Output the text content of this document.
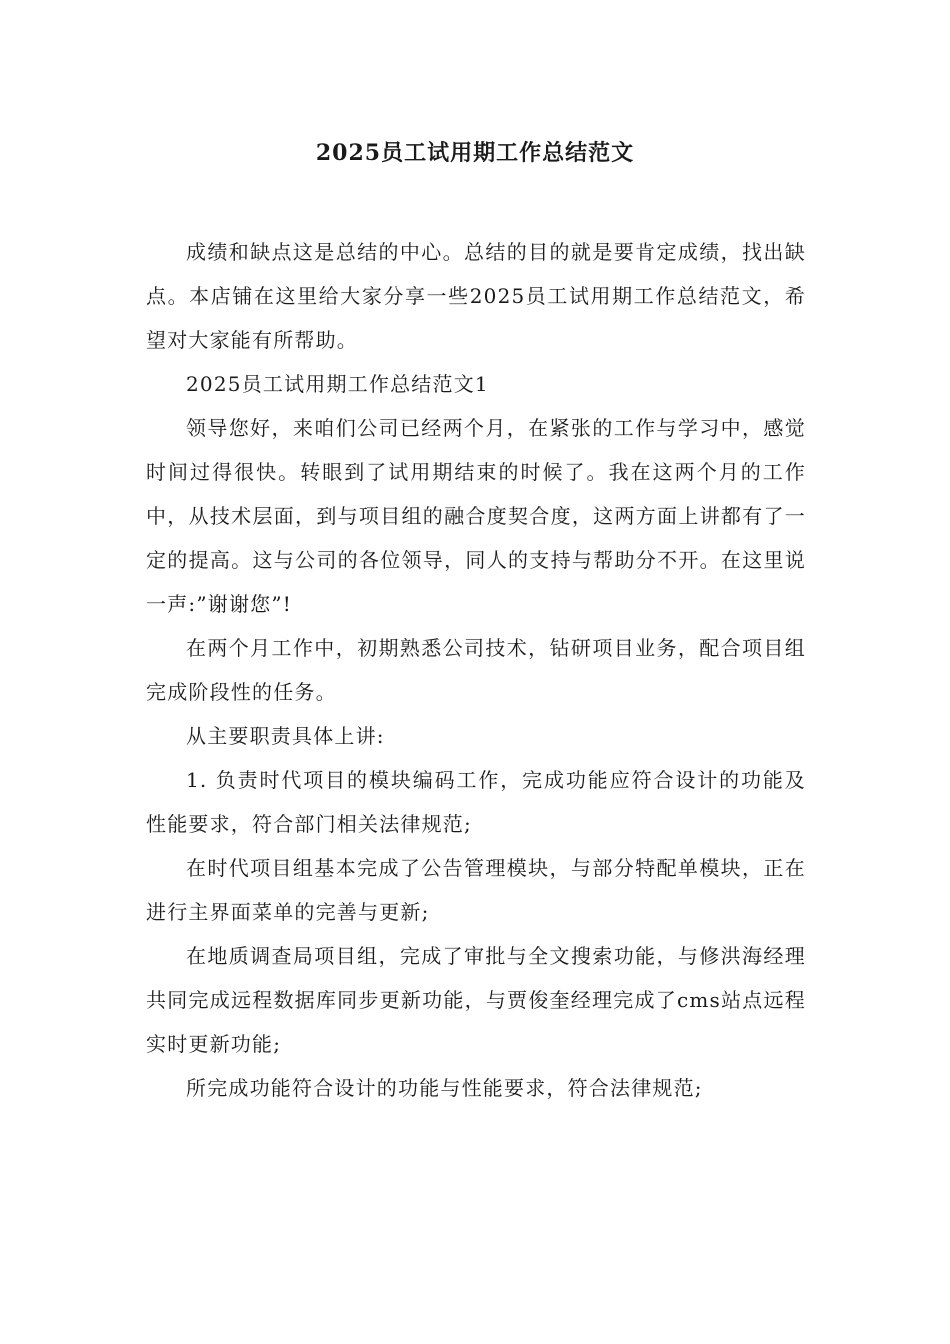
2025员工试用期工作总结范文

成绩和缺点这是总结的中心。总结的目的就是要肯定成绩，找出缺点。本店铺在这里给大家分享一些2025员工试用期工作总结范文，希望对大家能有所帮助。

2025员工试用期工作总结范文1

领导您好，来咱们公司已经两个月，在紧张的工作与学习中，感觉时间过得很快。转眼到了试用期结束的时候了。我在这两个月的工作中，从技术层面，到与项目组的融合度契合度，这两方面上讲都有了一定的提高。这与公司的各位领导，同人的支持与帮助分不开。在这里说一声:”谢谢您”!

在两个月工作中，初期熟悉公司技术，钻研项目业务，配合项目组完成阶段性的任务。

从主要职责具体上讲:

1. 负责时代项目的模块编码工作，完成功能应符合设计的功能及性能要求，符合部门相关法律规范;

在时代项目组基本完成了公告管理模块，与部分特配单模块，正在进行主界面菜单的完善与更新;

在地质调查局项目组，完成了审批与全文搜索功能，与修洪海经理共同完成远程数据库同步更新功能，与贾俊奎经理完成了cms站点远程实时更新功能;

所完成功能符合设计的功能与性能要求，符合法律规范;
